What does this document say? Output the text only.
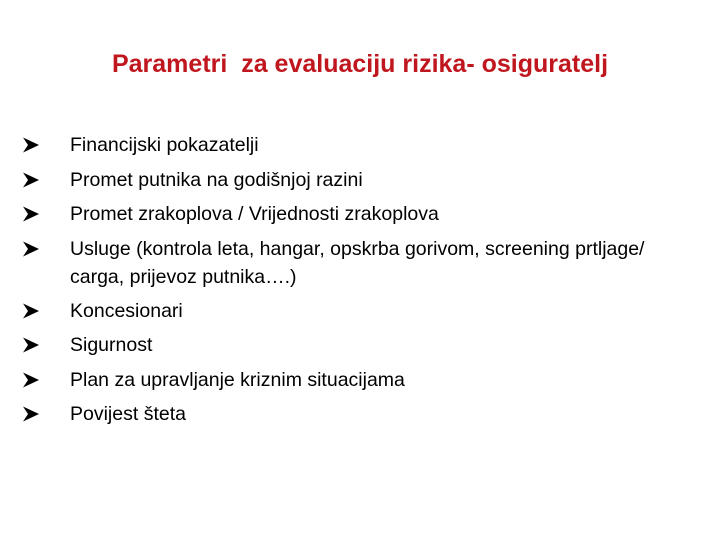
Parametri  za evaluaciju rizika- osiguratelj
Financijski pokazatelji
Promet putnika na godišnjoj razini
Promet zrakoplova / Vrijednosti zrakoplova
Usluge (kontrola leta, hangar, opskrba gorivom, screening prtljage/ carga, prijevoz putnika….)
Koncesionari
Sigurnost
Plan za upravljanje kriznim situacijama
Povijest šteta
